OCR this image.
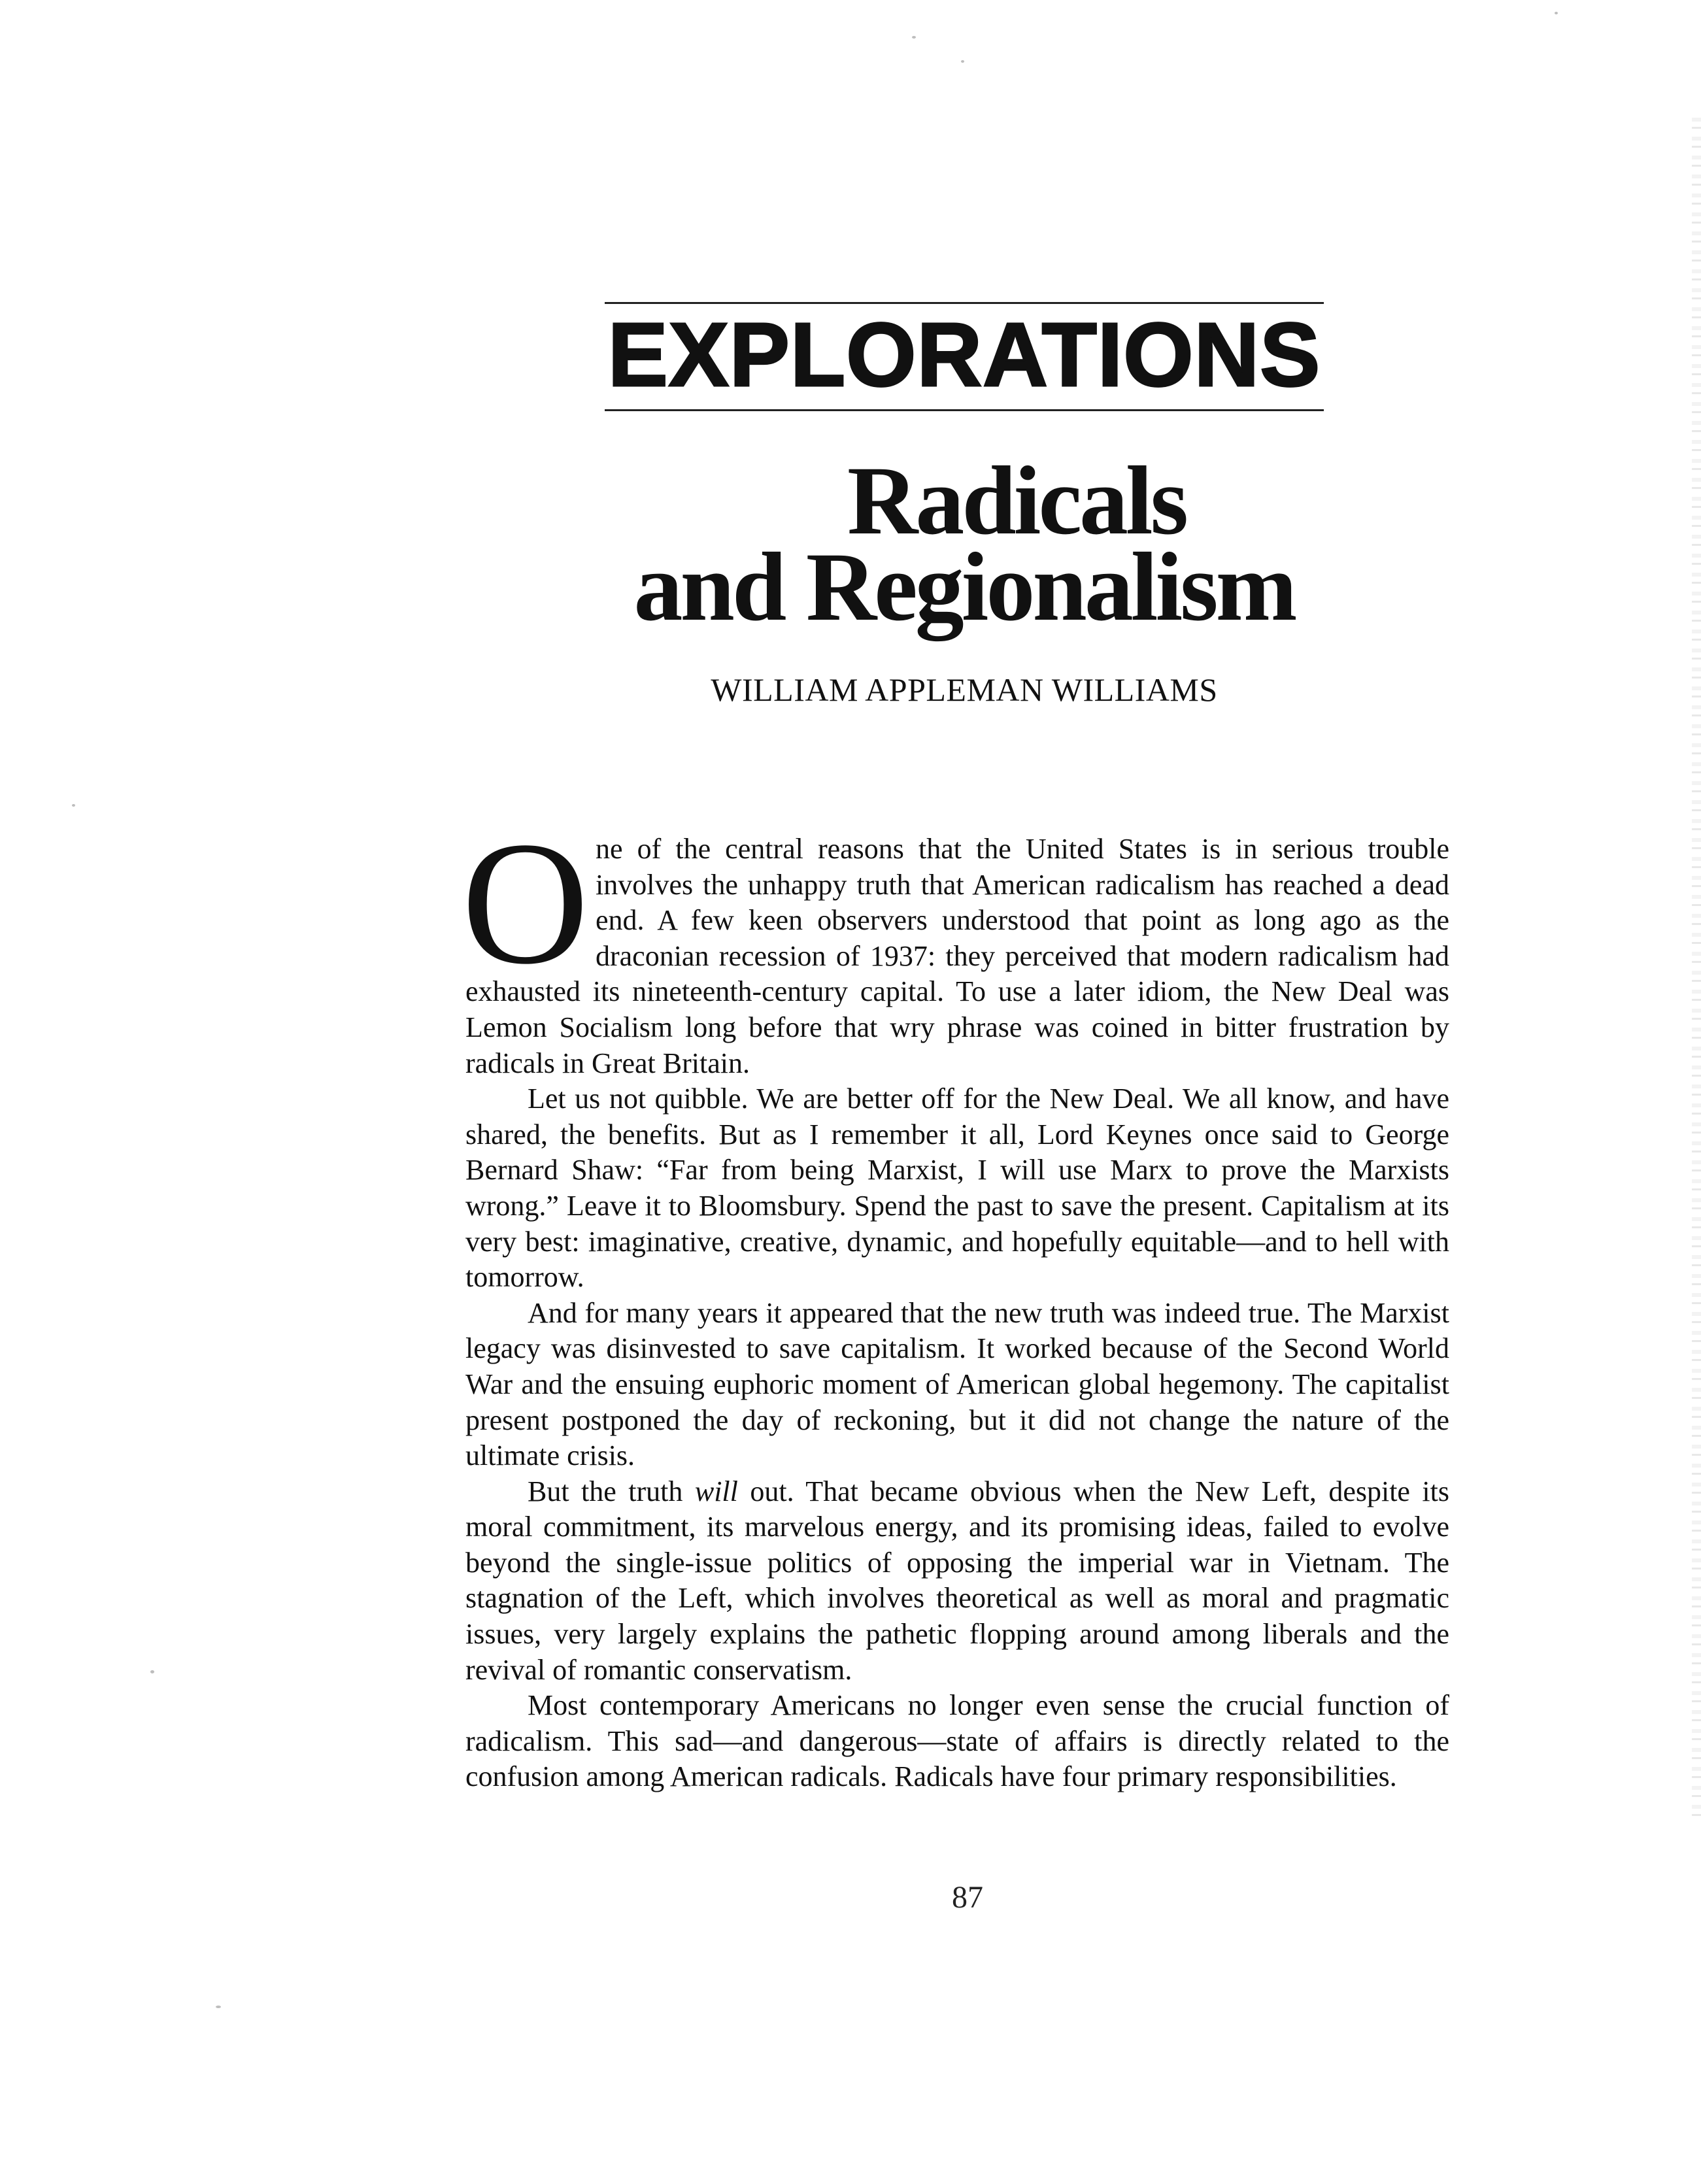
EXPLORATIONS
Radicals
and Regionalism
WILLIAM APPLEMAN WILLIAMS

One of the central reasons that the United States is in serious trouble involves the unhappy truth that American radicalism has reached a dead end. A few keen observers understood that point as long ago as the draconian recession of 1937: they perceived that modern radicalism had exhausted its nineteenth-century capital. To use a later idiom, the New Deal was Lemon Socialism long before that wry phrase was coined in bitter frustration by radicals in Great Britain.

Let us not quibble. We are better off for the New Deal. We all know, and have shared, the benefits. But as I remember it all, Lord Keynes once said to George Bernard Shaw: “Far from being Marxist, I will use Marx to prove the Marxists wrong.” Leave it to Bloomsbury. Spend the past to save the present. Capitalism at its very best: imaginative, creative, dynamic, and hopefully equitable—and to hell with tomorrow.

And for many years it appeared that the new truth was indeed true. The Marxist legacy was disinvested to save capitalism. It worked because of the Second World War and the ensuing euphoric moment of American global hegemony. The capitalist present postponed the day of reckoning, but it did not change the nature of the ultimate crisis.

But the truth will out. That became obvious when the New Left, despite its moral commitment, its marvelous energy, and its promising ideas, failed to evolve beyond the single-issue politics of opposing the imperial war in Vietnam. The stagnation of the Left, which involves theoretical as well as moral and pragmatic issues, very largely explains the pathetic flopping around among liberals and the revival of romantic conservatism.

Most contemporary Americans no longer even sense the crucial function of radicalism. This sad—and dangerous—state of affairs is directly related to the confusion among American radicals. Radicals have four primary responsibilities.

87
